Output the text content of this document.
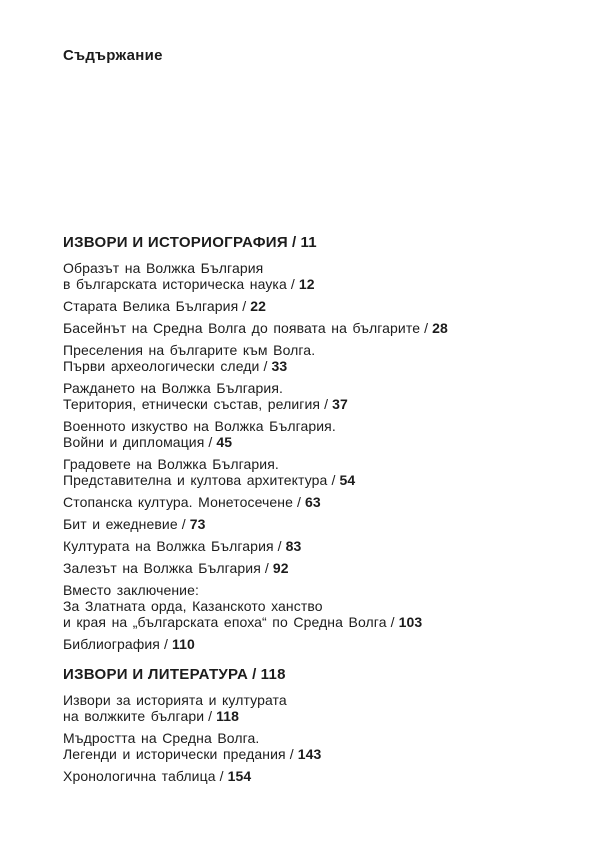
Съдържание
ИЗВОРИ И ИСТОРИОГРАФИЯ / 11

Образът на Волжка България
в българската историческа наука / 12

Старата Велика България / 22

Басейнът на Средна Волга до появата на българите / 28

Преселения на българите към Волга.
Първи археологически следи / 33

Раждането на Волжка България.
Територия, етнически състав, религия / 37

Военното изкуство на Волжка България.
Войни и дипломация / 45

Градовете на Волжка България.
Представителна и култова архитектура / 54

Стопанска култура. Монетосечене / 63

Бит и ежедневие / 73

Културата на Волжка България / 83

Залезът на Волжка България / 92

Вместо заключение:
За Златната орда, Казанското ханство
и края на „българската епоха“ по Средна Волга / 103

Библиография / 110

ИЗВОРИ И ЛИТЕРАТУРА / 118

Извори за историята и културата
на волжките българи / 118

Мъдростта на Средна Волга.
Легенди и исторически предания / 143

Хронологична таблица / 154
